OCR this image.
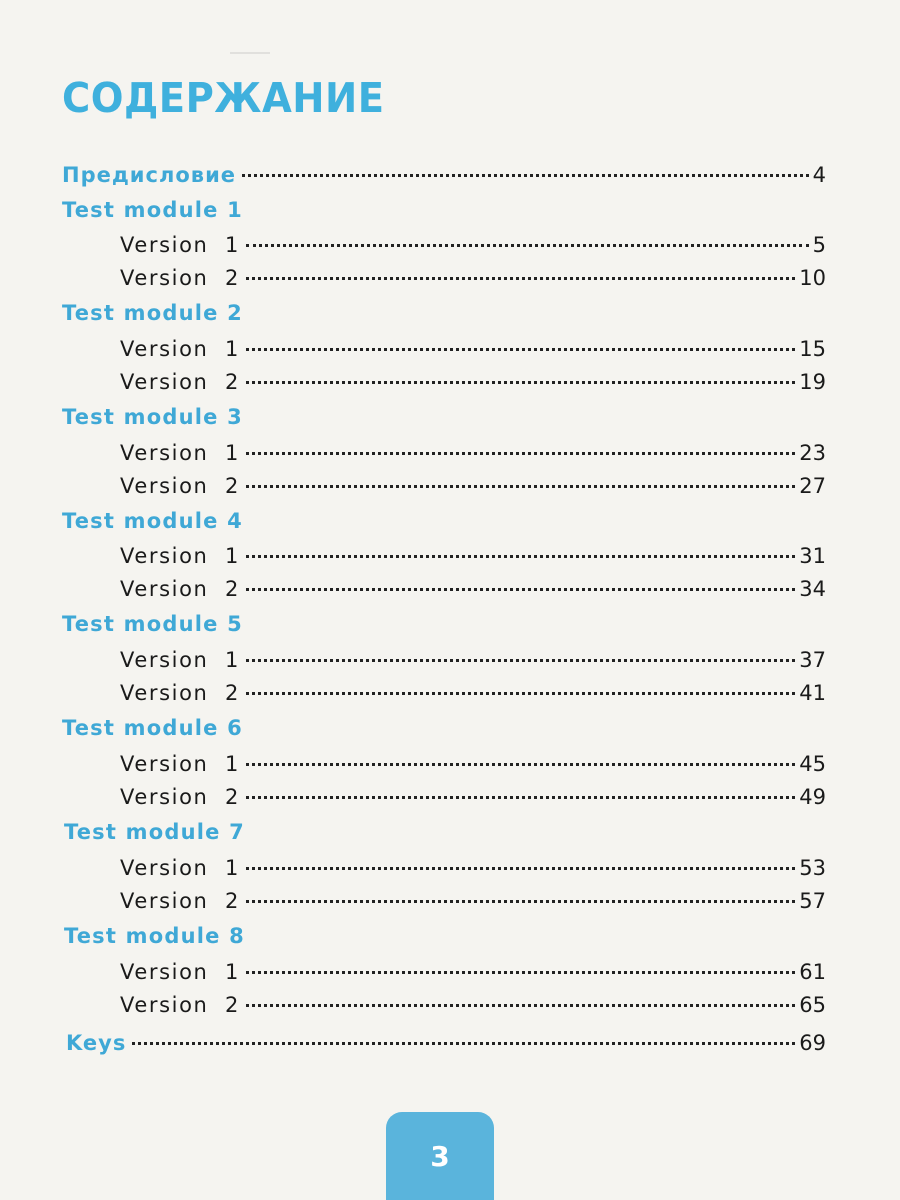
СОДЕРЖАНИЕ
Предисловие	4
Test module 1
Version  1	5
Version  2	10
Test module 2
Version  1	15
Version  2	19
Test module 3
Version  1	23
Version  2	27
Test module 4
Version  1	31
Version  2	34
Test module 5
Version  1	37
Version  2	41
Test module 6
Version  1	45
Version  2	49
Test module 7
Version  1	53
Version  2	57
Test module 8
Version  1	61
Version  2	65
Keys	69
3
